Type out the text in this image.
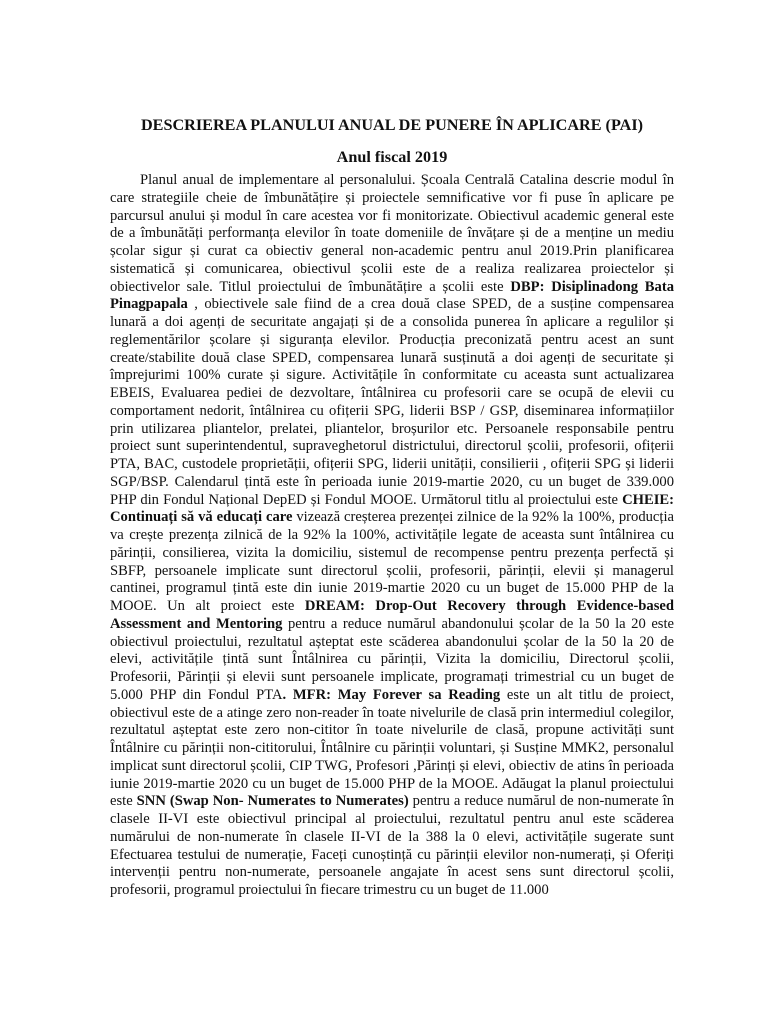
DESCRIEREA PLANULUI ANUAL DE PUNERE ÎN APLICARE (PAI)
Anul fiscal 2019

Planul anual de implementare al personalului. Școala Centrală Catalina descrie modul în care strategiile cheie de îmbunătățire și proiectele semnificative vor fi puse în aplicare pe parcursul anului și modul în care acestea vor fi monitorizate. Obiectivul academic general este de a îmbunătăți performanța elevilor în toate domeniile de învățare și de a menține un mediu școlar sigur și curat ca obiectiv general non-academic pentru anul 2019.Prin planificarea sistematică și comunicarea, obiectivul școlii este de a realiza realizarea proiectelor și obiectivelor sale. Titlul proiectului de îmbunătățire a școlii este DBP: Disiplinadong Bata Pinagpapala , obiectivele sale fiind de a crea două clase SPED, de a susține compensarea lunară a doi agenți de securitate angajați și de a consolida punerea în aplicare a regulilor și reglementărilor școlare și siguranța elevilor. Producția preconizată pentru acest an sunt create/stabilite două clase SPED, compensarea lunară susținută a doi agenți de securitate și împrejurimi 100% curate și sigure. Activitățile în conformitate cu aceasta sunt actualizarea EBEIS, Evaluarea pediei de dezvoltare, întâlnirea cu profesorii care se ocupă de elevii cu comportament nedorit, întâlnirea cu ofițerii SPG, liderii BSP / GSP, diseminarea informațiilor prin utilizarea pliantelor, prelatei, pliantelor, broșurilor etc. Persoanele responsabile pentru proiect sunt superintendentul, supraveghetorul districtului, directorul școlii, profesorii, ofițerii PTA, BAC, custodele proprietății, ofițerii SPG, liderii unității, consilierii , ofițerii SPG și liderii SGP/BSP. Calendarul țintă este în perioada iunie 2019-martie 2020, cu un buget de 339.000 PHP din Fondul Național DepED și Fondul MOOE. Următorul titlu al proiectului este CHEIE: Continuați să vă educați care vizează creșterea prezenței zilnice de la 92% la 100%, producția va crește prezența zilnică de la 92% la 100%, activitățile legate de aceasta sunt întâlnirea cu părinții, consilierea, vizita la domiciliu, sistemul de recompense pentru prezența perfectă și SBFP, persoanele implicate sunt directorul școlii, profesorii, părinții, elevii și managerul cantinei, programul țintă este din iunie 2019-martie 2020 cu un buget de 15.000 PHP de la MOOE. Un alt proiect este DREAM: Drop-Out Recovery through Evidence-based Assessment and Mentoring pentru a reduce numărul abandonului școlar de la 50 la 20 este obiectivul proiectului, rezultatul așteptat este scăderea abandonului școlar de la 50 la 20 de elevi, activitățile țintă sunt Întâlnirea cu părinții, Vizita la domiciliu, Directorul școlii, Profesorii, Părinții și elevii sunt persoanele implicate, programați trimestrial cu un buget de 5.000 PHP din Fondul PTA. MFR: May Forever sa Reading este un alt titlu de proiect, obiectivul este de a atinge zero non-reader în toate nivelurile de clasă prin intermediul colegilor, rezultatul așteptat este zero non-cititor în toate nivelurile de clasă, propune activități sunt Întâlnire cu părinții non-cititorului, Întâlnire cu părinții voluntari, și Susține MMK2, personalul implicat sunt directorul școlii, CIP TWG, Profesori ,Părinți și elevi, obiectiv de atins în perioada iunie 2019-martie 2020 cu un buget de 15.000 PHP de la MOOE. Adăugat la planul proiectului este SNN (Swap Non- Numerates to Numerates) pentru a reduce numărul de non-numerate în clasele II-VI este obiectivul principal al proiectului, rezultatul pentru anul este scăderea numărului de non-numerate în clasele II-VI de la 388 la 0 elevi, activitățile sugerate sunt Efectuarea testului de numerație, Faceți cunoștință cu părinții elevilor non-numerați, și Oferiți intervenții pentru non-numerate, persoanele angajate în acest sens sunt directorul școlii, profesorii, programul proiectului în fiecare trimestru cu un buget de 11.000
